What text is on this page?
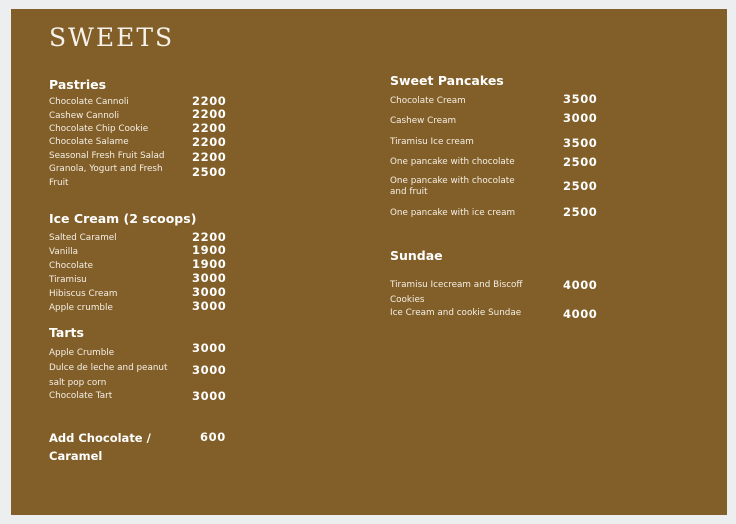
SWEETS
Pastries
Chocolate Cannoli	2200
Cashew Cannoli	2200
Chocolate Chip Cookie	2200
Chocolate Salame	2200
Seasonal Fresh Fruit Salad 2200
Granola, Yogurt and Fresh Fruit
2500
Ice Cream (2 scoops)
Salted Caramel	2200
Vanilla	1900
Chocolate	1900
Tiramisu	3000
Hibiscus Cream	3000
Apple crumble	3000
Tarts
Apple Crumble	3000
Dulce de leche and peanut salt pop corn
3000
Chocolate Tart	3000
Add Chocolate / Caramel
600
Sweet Pancakes
Chocolate Cream	3500
Cashew Cream	3000
Tiramisu Ice cream	3500
One pancake with chocolate	2500
One pancake with chocolate and fruit	2500
One pancake with ice cream	2500
Sundae
Tiramisu Icecream and Biscoff Cookies
4000
Ice Cream and cookie Sundae	4000
